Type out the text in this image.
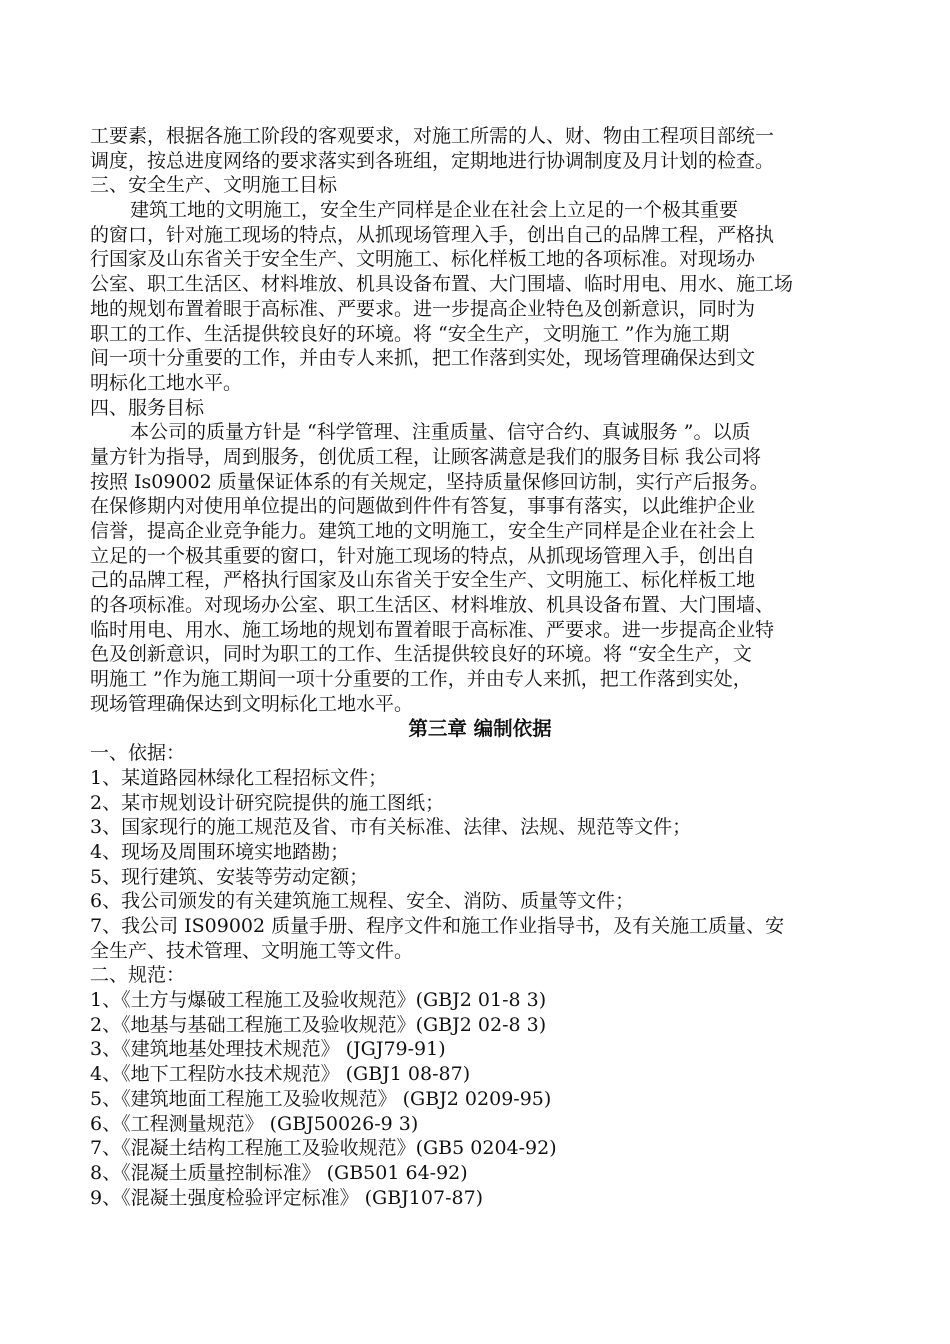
工要素，根据各施工阶段的客观要求，对施工所需的人、财、物由工程项目部统一
调度，按总进度网络的要求落实到各班组，定期地进行协调制度及月计划的检查。
三、安全生产、文明施工目标
建筑工地的文明施工，安全生产同样是企业在社会上立足的一个极其重要
的窗口，针对施工现场的特点，从抓现场管理入手，创出自己的品牌工程，严格执
行国家及山东省关于安全生产、文明施工、标化样板工地的各项标准。对现场办
公室、职工生活区、材料堆放、机具设备布置、大门围墙、临时用电、用水、施工场
地的规划布置着眼于高标准、严要求。进一步提高企业特色及创新意识，同时为
职工的工作、生活提供较良好的环境。将 “安全生产，文明施工 ”作为施工期
间一项十分重要的工作，并由专人来抓，把工作落到实处，现场管理确保达到文
明标化工地水平。
四、服务目标
本公司的质量方针是 “科学管理、注重质量、信守合约、真诚服务 ”。以质
量方针为指导，周到服务，创优质工程，让顾客满意是我们的服务目标 我公司将
按照 Is09002 质量保证体系的有关规定，坚持质量保修回访制，实行产后报务。
在保修期内对使用单位提出的问题做到件件有答复，事事有落实，以此维护企业
信誉，提高企业竞争能力。建筑工地的文明施工，安全生产同样是企业在社会上
立足的一个极其重要的窗口，针对施工现场的特点，从抓现场管理入手，创出自
己的品牌工程，严格执行国家及山东省关于安全生产、文明施工、标化样板工地
的各项标准。对现场办公室、职工生活区、材料堆放、机具设备布置、大门围墙、
临时用电、用水、施工场地的规划布置着眼于高标准、严要求。进一步提高企业特
色及创新意识，同时为职工的工作、生活提供较良好的环境。将 “安全生产，文
明施工 ”作为施工期间一项十分重要的工作，并由专人来抓，把工作落到实处，
现场管理确保达到文明标化工地水平。
第三章 编制依据
一、依据：
1、某道路园林绿化工程招标文件；
2、某市规划设计研究院提供的施工图纸；
3、国家现行的施工规范及省、市有关标准、法律、法规、规范等文件；
4、现场及周围环境实地踏勘；
5、现行建筑、安装等劳动定额；
6、我公司颁发的有关建筑施工规程、安全、消防、质量等文件；
7、我公司 IS09002 质量手册、程序文件和施工作业指导书，及有关施工质量、安
全生产、技术管理、文明施工等文件。
二、规范：
1、《土方与爆破工程施工及验收规范》(GBJ2 01-8 3)
2、《地基与基础工程施工及验收规范》(GBJ2 02-8 3)
3、《建筑地基处理技术规范》 (JGJ79-91)
4、《地下工程防水技术规范》 (GBJ1 08-87)
5、《建筑地面工程施工及验收规范》 (GBJ2 0209-95)
6、《工程测量规范》 (GBJ50026-9 3)
7、《混凝土结构工程施工及验收规范》(GB5 0204-92)
8、《混凝土质量控制标准》 (GB501 64-92)
9、《混凝土强度检验评定标准》 (GBJ107-87)
